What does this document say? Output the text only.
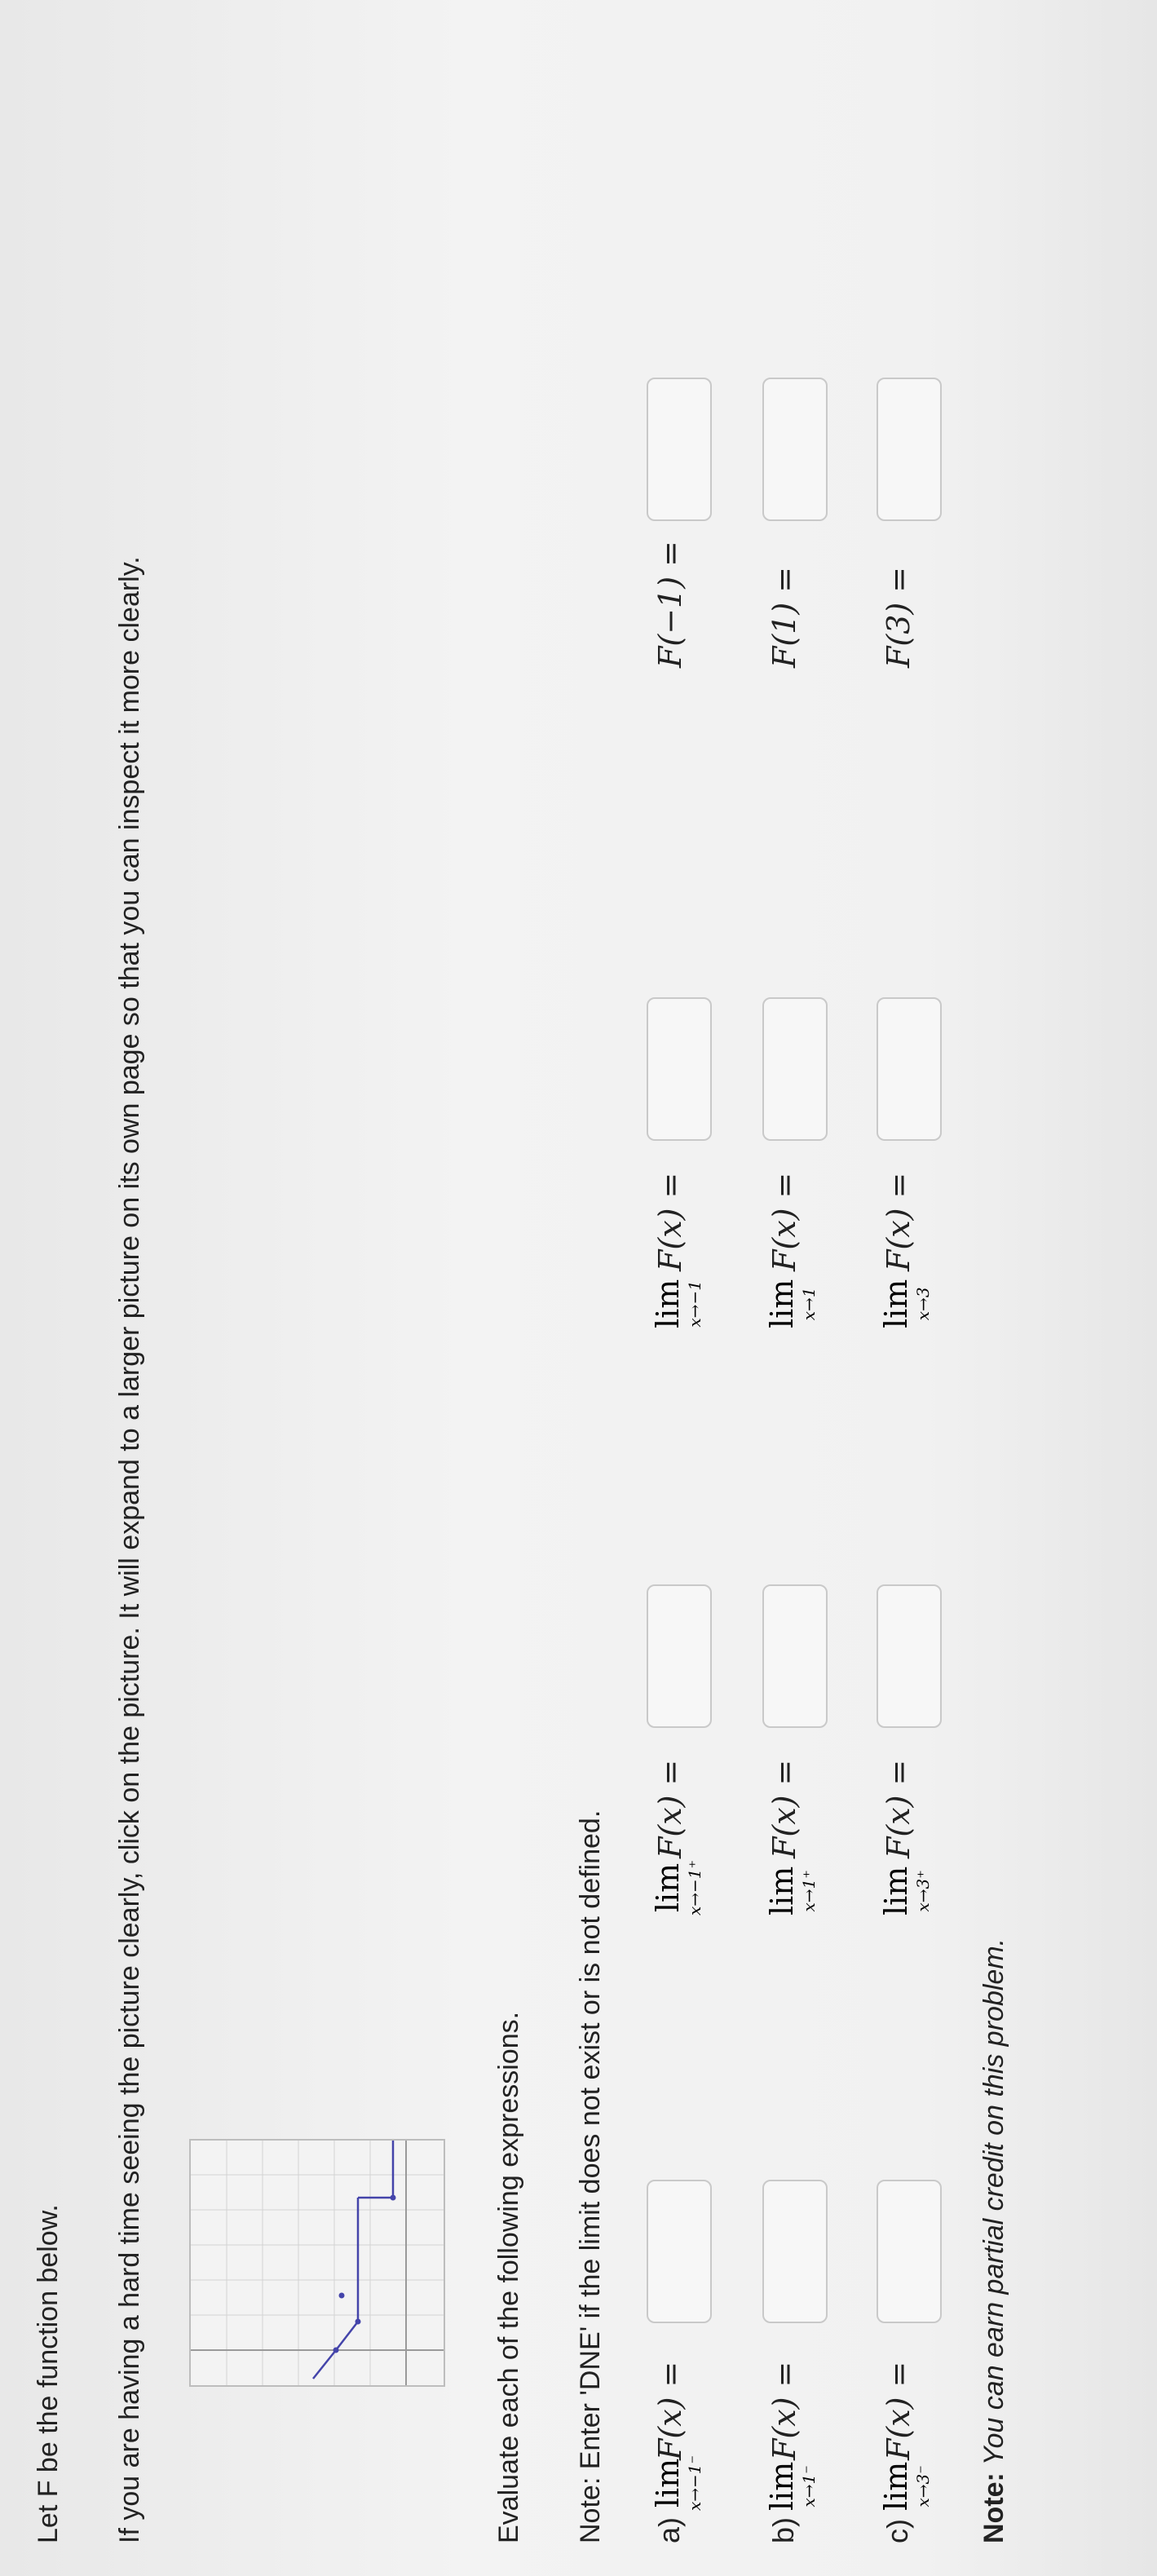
Let F be the function below. If you are having a hard time seeing the picture clearly, click on the picture. It will expand to a larger picture on its own page so that you can inspect it more clearly.	Evaluate each of the following expressions. Note: Enter 'DNE' if the limit does not exist or is not defined. a)
lim x→−1⁻
F(x) =
lim x→−1⁺
F(x) =
lim x→−1
F(x) =
F(−1) =
b)
lim x→1⁻
F(x) =
lim x→1⁺
F(x) =
lim x→1
F(x) =
F(1) =
c)
lim x→3⁻
F(x) =
lim x→3⁺
F(x) =
lim x→3
F(x) =
F(3) =
Note: You can earn partial credit on this problem.
